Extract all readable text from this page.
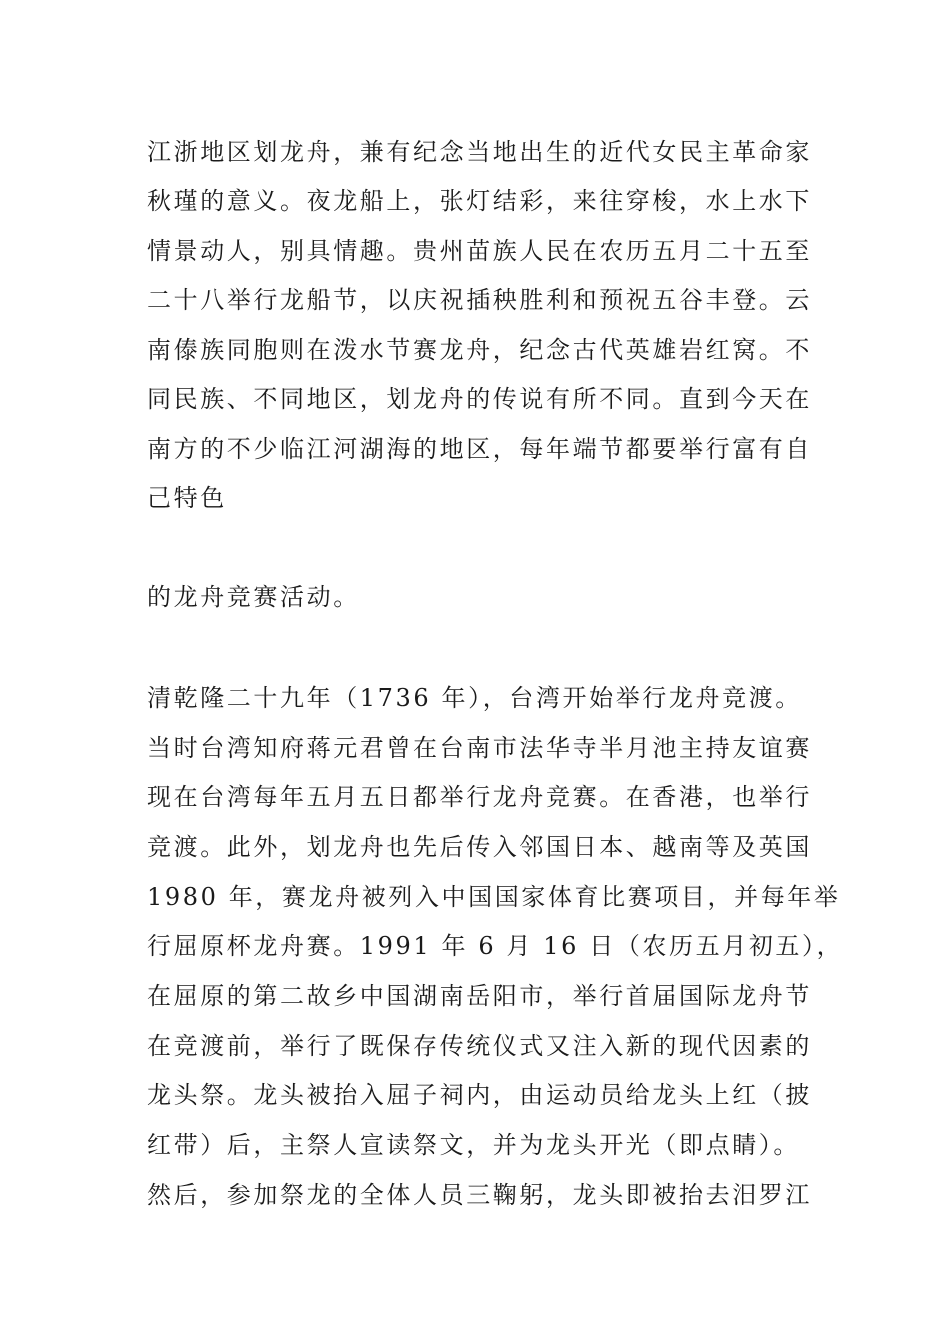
江浙地区划龙舟，兼有纪念当地出生的近代女民主革命家
秋瑾的意义。夜龙船上，张灯结彩，来往穿梭，水上水下
情景动人，别具情趣。贵州苗族人民在农历五月二十五至
二十八举行龙船节，以庆祝插秧胜利和预祝五谷丰登。云
南傣族同胞则在泼水节赛龙舟，纪念古代英雄岩红窝。不
同民族、不同地区，划龙舟的传说有所不同。直到今天在
南方的不少临江河湖海的地区，每年端节都要举行富有自
己特色
的龙舟竞赛活动。
清乾隆二十九年（1736 年），台湾开始举行龙舟竞渡。
当时台湾知府蒋元君曾在台南市法华寺半月池主持友谊赛
现在台湾每年五月五日都举行龙舟竞赛。在香港，也举行
竞渡。此外，划龙舟也先后传入邻国日本、越南等及英国
1980 年，赛龙舟被列入中国国家体育比赛项目，并每年举
行屈原杯龙舟赛。1991 年 6 月 16 日（农历五月初五），
在屈原的第二故乡中国湖南岳阳市，举行首届国际龙舟节
在竞渡前，举行了既保存传统仪式又注入新的现代因素的
龙头祭。龙头被抬入屈子祠内，由运动员给龙头上红（披
红带）后，主祭人宣读祭文，并为龙头开光（即点睛）。
然后，参加祭龙的全体人员三鞠躬，龙头即被抬去汨罗江
